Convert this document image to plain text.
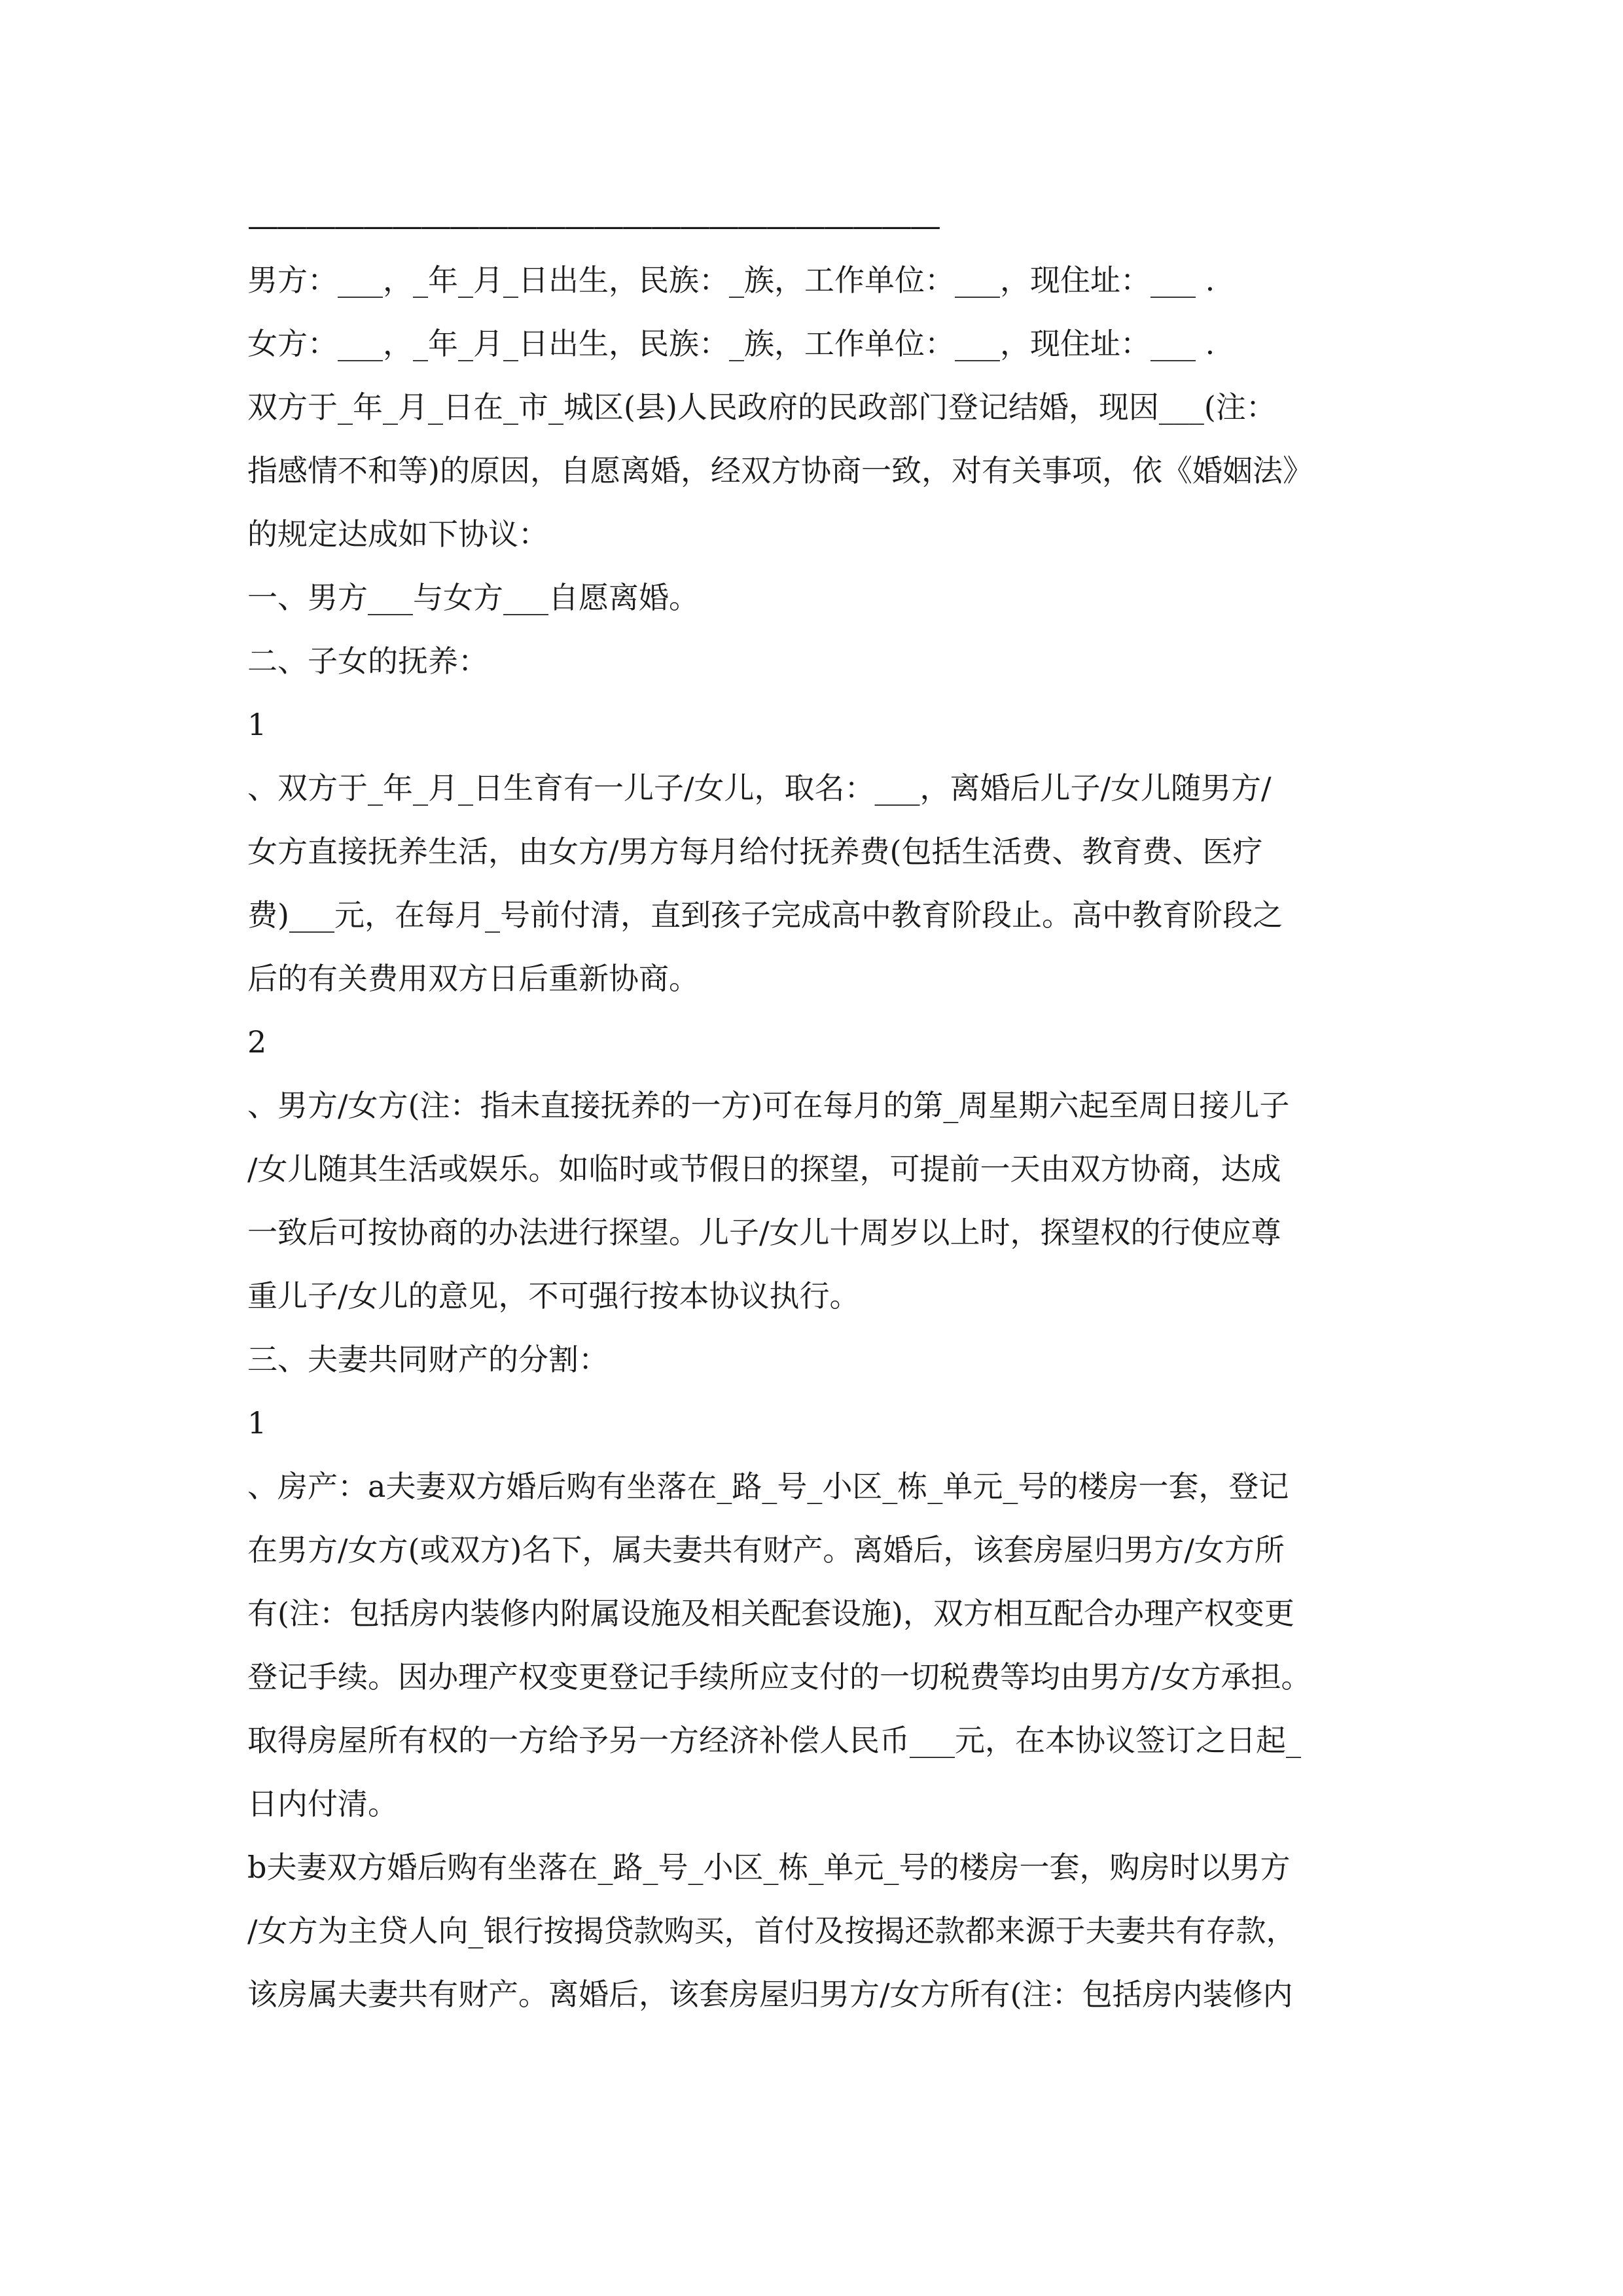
————————————————————————

男方：___，_年_月_日出生，民族：_族，工作单位：___，现住址：___ .

女方：___，_年_月_日出生，民族：_族，工作单位：___，现住址：___ .

双方于_年_月_日在_市_城区(县)人民政府的民政部门登记结婚，现因___(注：

指感情不和等)的原因，自愿离婚，经双方协商一致，对有关事项，依《婚姻法》

的规定达成如下协议：

一、男方___与女方___自愿离婚。

二、子女的抚养：

1

、双方于_年_月_日生育有一儿子/女儿，取名：___，离婚后儿子/女儿随男方/

女方直接抚养生活，由女方/男方每月给付抚养费(包括生活费、教育费、医疗

费)___元，在每月_号前付清，直到孩子完成高中教育阶段止。高中教育阶段之

后的有关费用双方日后重新协商。

2

、男方/女方(注：指未直接抚养的一方)可在每月的第_周星期六起至周日接儿子

/女儿随其生活或娱乐。如临时或节假日的探望，可提前一天由双方协商，达成

一致后可按协商的办法进行探望。儿子/女儿十周岁以上时，探望权的行使应尊

重儿子/女儿的意见，不可强行按本协议执行。

三、夫妻共同财产的分割：

1

、房产：a夫妻双方婚后购有坐落在_路_号_小区_栋_单元_号的楼房一套，登记

在男方/女方(或双方)名下，属夫妻共有财产。离婚后，该套房屋归男方/女方所

有(注：包括房内装修内附属设施及相关配套设施)，双方相互配合办理产权变更

登记手续。因办理产权变更登记手续所应支付的一切税费等均由男方/女方承担。

取得房屋所有权的一方给予另一方经济补偿人民币___元，在本协议签订之日起_

日内付清。

b夫妻双方婚后购有坐落在_路_号_小区_栋_单元_号的楼房一套，购房时以男方

/女方为主贷人向_银行按揭贷款购买，首付及按揭还款都来源于夫妻共有存款，

该房属夫妻共有财产。离婚后，该套房屋归男方/女方所有(注：包括房内装修内
